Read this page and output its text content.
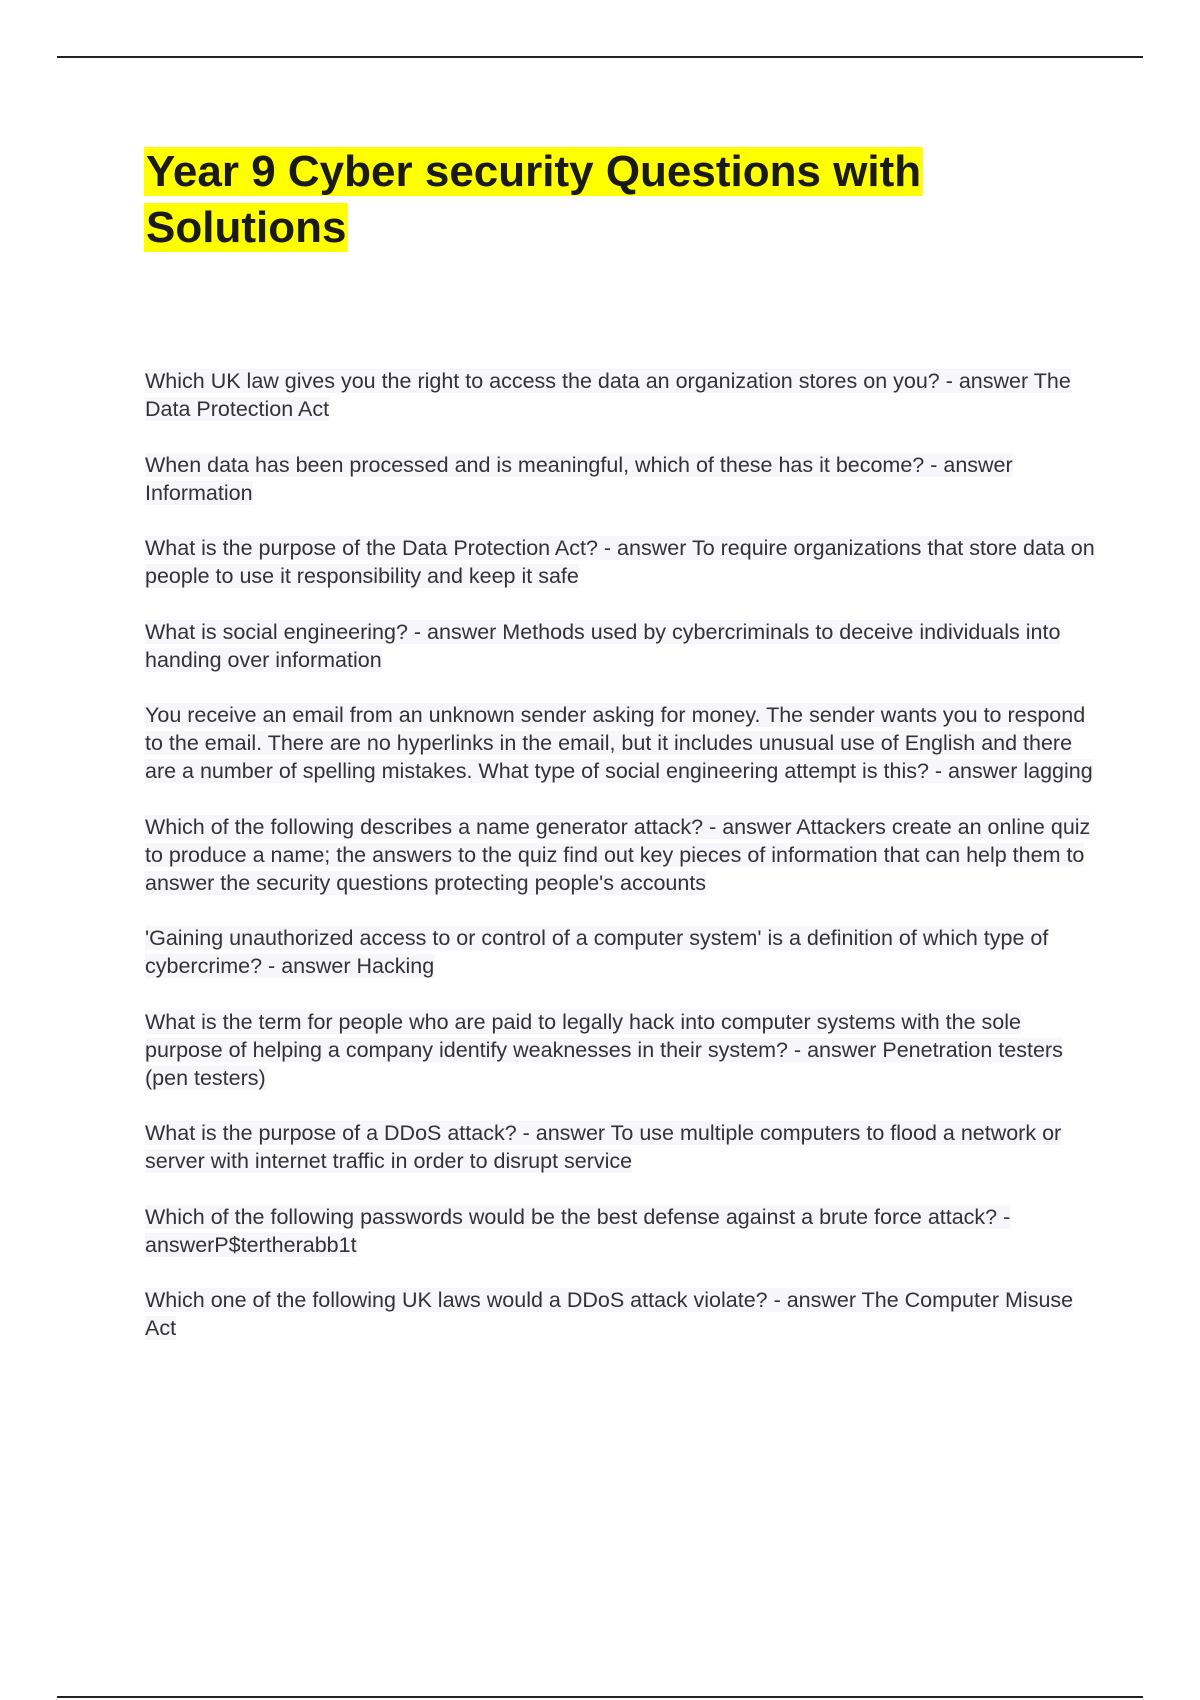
Year 9 Cyber security Questions with Solutions
Which UK law gives you the right to access the data an organization stores on you? - answer The Data Protection Act
When data has been processed and is meaningful, which of these has it become? - answer Information
What is the purpose of the Data Protection Act? - answer To require organizations that store data on people to use it responsibility and keep it safe
What is social engineering? - answer Methods used by cybercriminals to deceive individuals into handing over information
You receive an email from an unknown sender asking for money. The sender wants you to respond to the email. There are no hyperlinks in the email, but it includes unusual use of English and there are a number of spelling mistakes. What type of social engineering attempt is this? - answer lagging
Which of the following describes a name generator attack? - answer Attackers create an online quiz to produce a name; the answers to the quiz find out key pieces of information that can help them to answer the security questions protecting people's accounts
'Gaining unauthorized access to or control of a computer system' is a definition of which type of cybercrime? - answer Hacking
What is the term for people who are paid to legally hack into computer systems with the sole purpose of helping a company identify weaknesses in their system? - answer Penetration testers (pen testers)
What is the purpose of a DDoS attack? - answer To use multiple computers to flood a network or server with internet traffic in order to disrupt service
Which of the following passwords would be the best defense against a brute force attack? - answerP$tertherabb1t
Which one of the following UK laws would a DDoS attack violate? - answer The Computer Misuse Act
